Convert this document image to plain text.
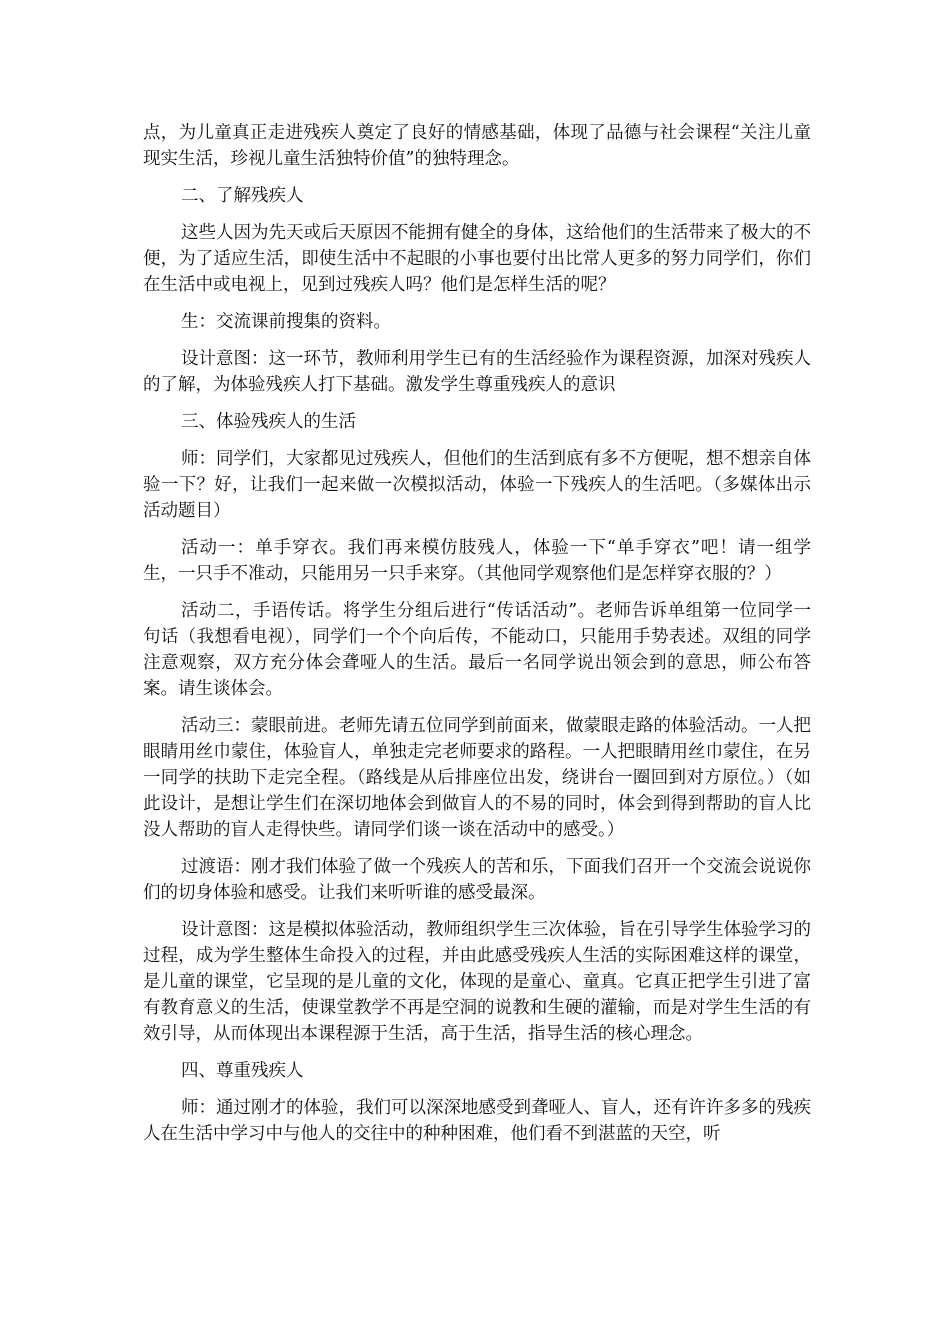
点，为儿童真正走进残疾人奠定了良好的情感基础，体现了品德与社会课程“关注儿童现实生活，珍视儿童生活独特价值”的独特理念。

二、了解残疾人

这些人因为先天或后天原因不能拥有健全的身体，这给他们的生活带来了极大的不便，为了适应生活，即使生活中不起眼的小事也要付出比常人更多的努力同学们，你们在生活中或电视上，见到过残疾人吗？他们是怎样生活的呢？

生：交流课前搜集的资料。

设计意图：这一环节，教师利用学生已有的生活经验作为课程资源，加深对残疾人的了解，为体验残疾人打下基础。激发学生尊重残疾人的意识

三、体验残疾人的生活

师：同学们，大家都见过残疾人，但他们的生活到底有多不方便呢，想不想亲自体验一下？好，让我们一起来做一次模拟活动，体验一下残疾人的生活吧。（多媒体出示活动题目）

活动一：单手穿衣。我们再来模仿肢残人，体验一下“单手穿衣”吧！请一组学生，一只手不准动，只能用另一只手来穿。（其他同学观察他们是怎样穿衣服的？）

活动二，手语传话。将学生分组后进行“传话活动”。老师告诉单组第一位同学一句话（我想看电视），同学们一个个向后传，不能动口，只能用手势表述。双组的同学注意观察，双方充分体会聋哑人的生活。最后一名同学说出领会到的意思，师公布答案。请生谈体会。

活动三：蒙眼前进。老师先请五位同学到前面来，做蒙眼走路的体验活动。一人把眼睛用丝巾蒙住，体验盲人，单独走完老师要求的路程。一人把眼睛用丝巾蒙住，在另一同学的扶助下走完全程。（路线是从后排座位出发，绕讲台一圈回到对方原位。）（如此设计，是想让学生们在深切地体会到做盲人的不易的同时，体会到得到帮助的盲人比没人帮助的盲人走得快些。请同学们谈一谈在活动中的感受。）

过渡语：刚才我们体验了做一个残疾人的苦和乐，下面我们召开一个交流会说说你们的切身体验和感受。让我们来听听谁的感受最深。

设计意图：这是模拟体验活动，教师组织学生三次体验，旨在引导学生体验学习的过程，成为学生整体生命投入的过程，并由此感受残疾人生活的实际困难这样的课堂，是儿童的课堂，它呈现的是儿童的文化，体现的是童心、童真。它真正把学生引进了富有教育意义的生活，使课堂教学不再是空洞的说教和生硬的灌输，而是对学生生活的有效引导，从而体现出本课程源于生活，高于生活，指导生活的核心理念。

四、尊重残疾人

师：通过刚才的体验，我们可以深深地感受到聋哑人、盲人，还有许许多多的残疾人在生活中学习中与他人的交往中的种种困难，他们看不到湛蓝的天空，听
